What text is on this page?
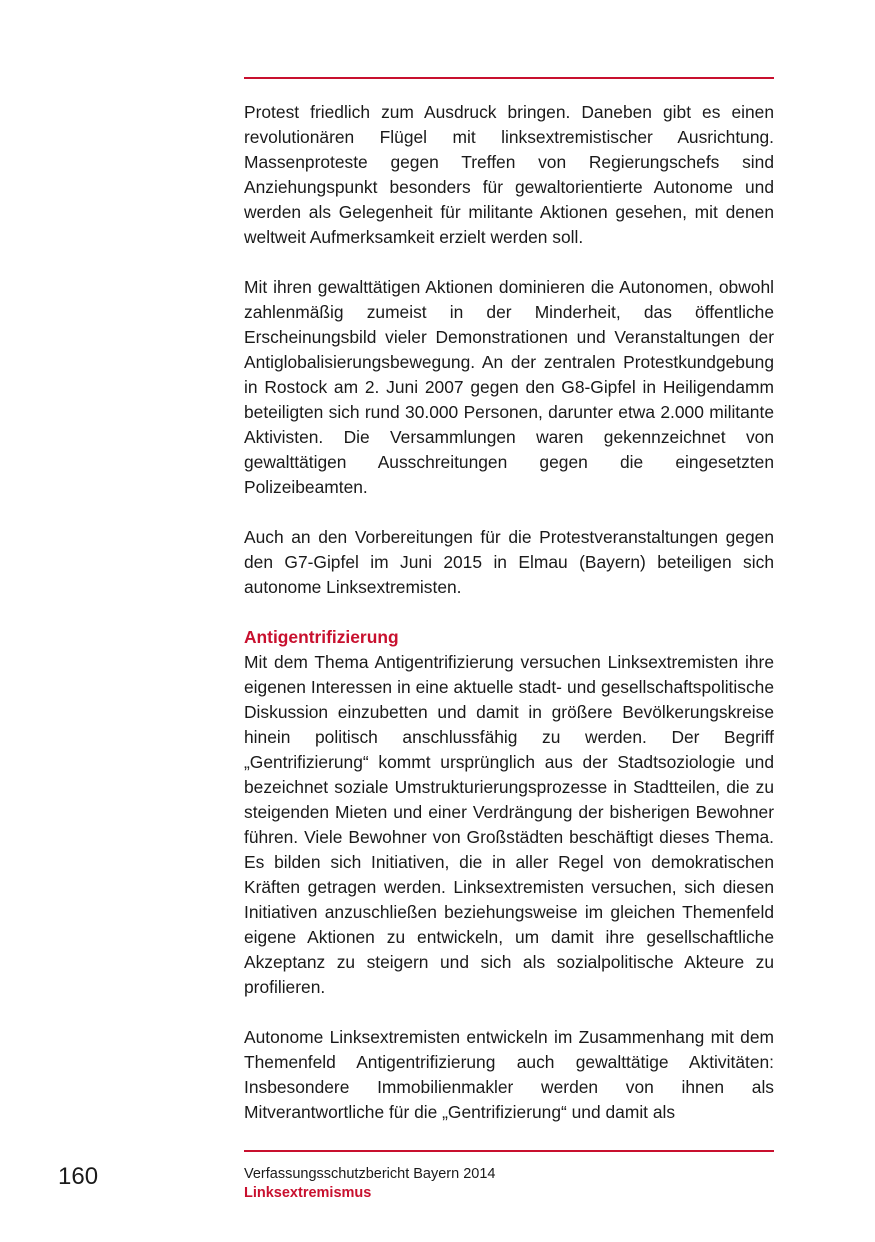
Protest friedlich zum Ausdruck bringen. Daneben gibt es einen revolutionären Flügel mit linksextremistischer Ausrichtung. Massenproteste gegen Treffen von Regierungschefs sind Anziehungspunkt besonders für gewaltorientierte Autonome und werden als Gelegenheit für militante Aktionen gesehen, mit denen weltweit Aufmerksamkeit erzielt werden soll.

Mit ihren gewalttätigen Aktionen dominieren die Autonomen, obwohl zahlenmäßig zumeist in der Minderheit, das öffentliche Erscheinungsbild vieler Demonstrationen und Veranstaltungen der Antiglobalisierungsbewegung. An der zentralen Protestkundgebung in Rostock am 2. Juni 2007 gegen den G8-Gipfel in Heiligendamm beteiligten sich rund 30.000 Personen, darunter etwa 2.000 militante Aktivisten. Die Versammlungen waren gekennzeichnet von gewalttätigen Ausschreitungen gegen die eingesetzten Polizeibeamten.

Auch an den Vorbereitungen für die Protestveranstaltungen gegen den G7-Gipfel im Juni 2015 in Elmau (Bayern) beteiligen sich autonome Linksextremisten.

Antigentrifizierung

Mit dem Thema Antigentrifizierung versuchen Linksextremisten ihre eigenen Interessen in eine aktuelle stadt- und gesellschaftspolitische Diskussion einzubetten und damit in größere Bevölkerungskreise hinein politisch anschlussfähig zu werden. Der Begriff „Gentrifizierung“ kommt ursprünglich aus der Stadtsoziologie und bezeichnet soziale Umstrukturierungsprozesse in Stadtteilen, die zu steigenden Mieten und einer Verdrängung der bisherigen Bewohner führen. Viele Bewohner von Großstädten beschäftigt dieses Thema. Es bilden sich Initiativen, die in aller Regel von demokratischen Kräften getragen werden. Linksextremisten versuchen, sich diesen Initiativen anzuschließen beziehungsweise im gleichen Themenfeld eigene Aktionen zu entwickeln, um damit ihre gesellschaftliche Akzeptanz zu steigern und sich als sozialpolitische Akteure zu profilieren.

Autonome Linksextremisten entwickeln im Zusammenhang mit dem Themenfeld Antigentrifizierung auch gewalttätige Aktivitäten: Insbesondere Immobilienmakler werden von ihnen als Mitverantwortliche für die „Gentrifizierung“ und damit als

160	Verfassungsschutzbericht Bayern 2014
Linksextremismus
